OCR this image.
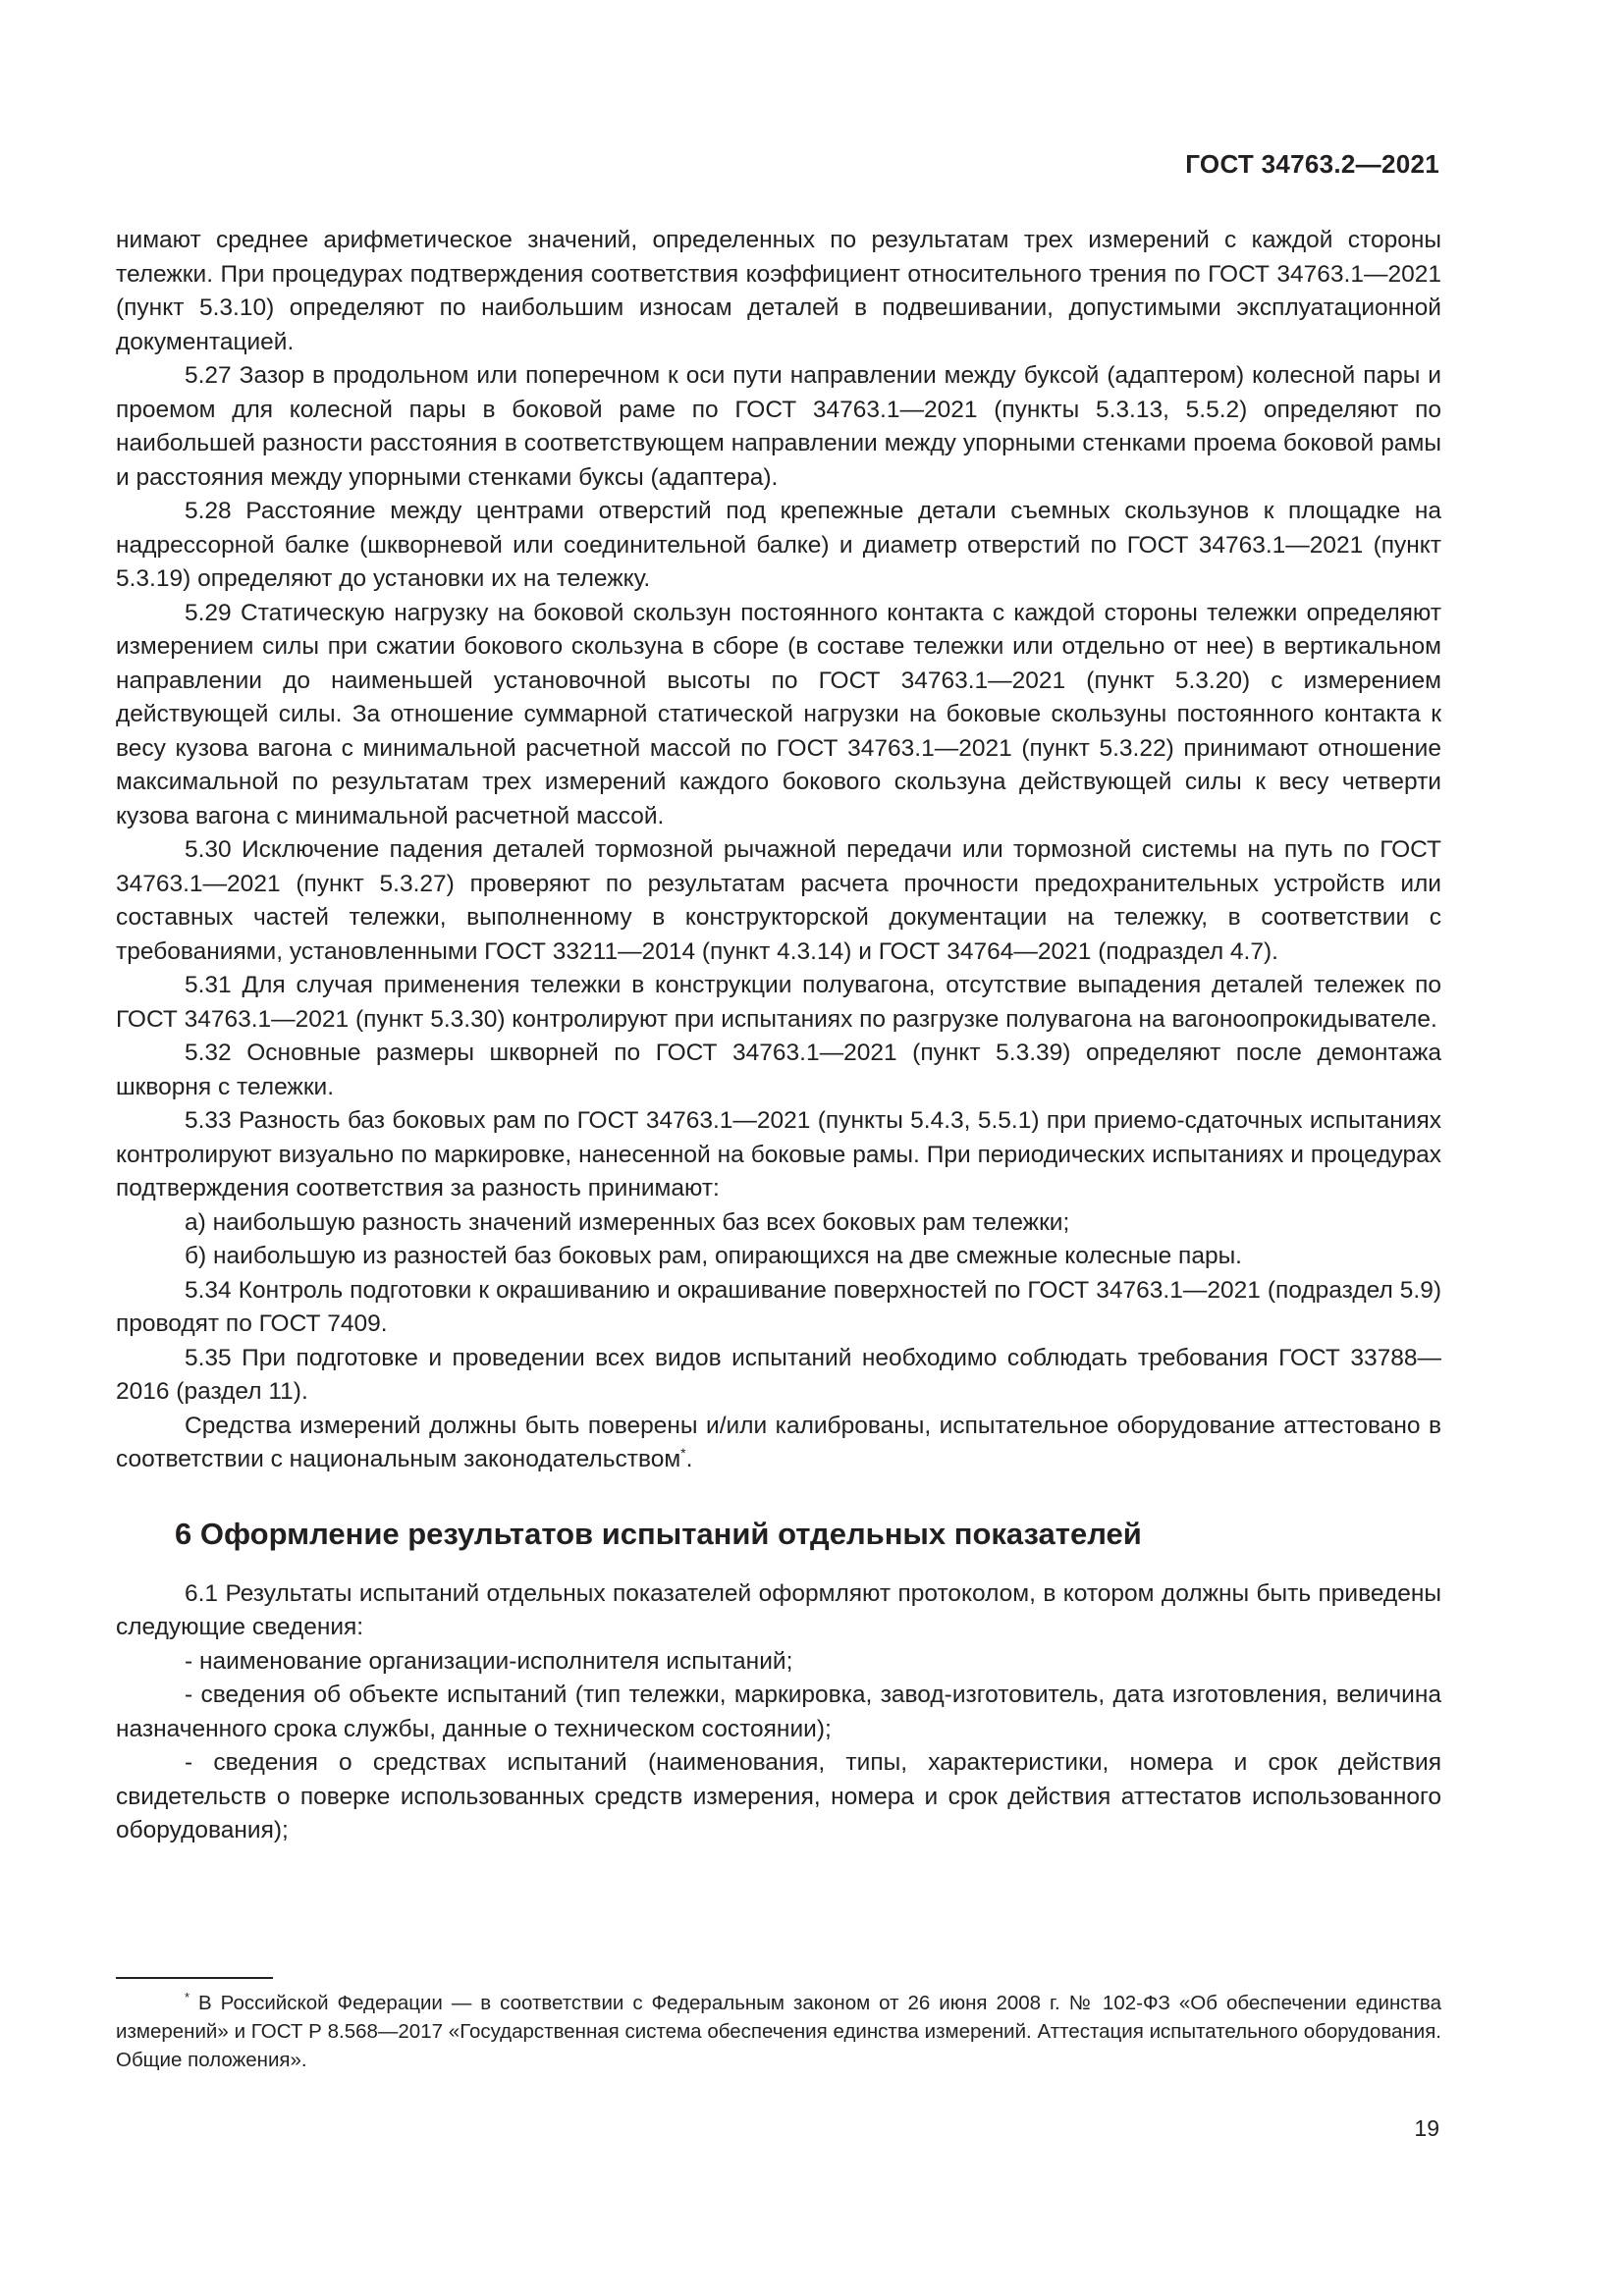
ГОСТ 34763.2—2021

нимают среднее арифметическое значений, определенных по результатам трех измерений с каждой стороны тележки. При процедурах подтверждения соответствия коэффициент относительного трения по ГОСТ 34763.1—2021 (пункт 5.3.10) определяют по наибольшим износам деталей в подвешивании, допустимыми эксплуатационной документацией.

5.27 Зазор в продольном или поперечном к оси пути направлении между буксой (адаптером) колесной пары и проемом для колесной пары в боковой раме по ГОСТ 34763.1—2021 (пункты 5.3.13, 5.5.2) определяют по наибольшей разности расстояния в соответствующем направлении между упорными стенками проема боковой рамы и расстояния между упорными стенками буксы (адаптера).

5.28 Расстояние между центрами отверстий под крепежные детали съемных скользунов к площадке на надрессорной балке (шкворневой или соединительной балке) и диаметр отверстий по ГОСТ 34763.1—2021 (пункт 5.3.19) определяют до установки их на тележку.

5.29 Статическую нагрузку на боковой скользун постоянного контакта с каждой стороны тележки определяют измерением силы при сжатии бокового скользуна в сборе (в составе тележки или отдельно от нее) в вертикальном направлении до наименьшей установочной высоты по ГОСТ 34763.1—2021 (пункт 5.3.20) с измерением действующей силы. За отношение суммарной статической нагрузки на боковые скользуны постоянного контакта к весу кузова вагона с минимальной расчетной массой по ГОСТ 34763.1—2021 (пункт 5.3.22) принимают отношение максимальной по результатам трех измерений каждого бокового скользуна действующей силы к весу четверти кузова вагона с минимальной расчетной массой.

5.30 Исключение падения деталей тормозной рычажной передачи или тормозной системы на путь по ГОСТ 34763.1—2021 (пункт 5.3.27) проверяют по результатам расчета прочности предохранительных устройств или составных частей тележки, выполненному в конструкторской документации на тележку, в соответствии с требованиями, установленными ГОСТ 33211—2014 (пункт 4.3.14) и ГОСТ 34764—2021 (подраздел 4.7).

5.31 Для случая применения тележки в конструкции полувагона, отсутствие выпадения деталей тележек по ГОСТ 34763.1—2021 (пункт 5.3.30) контролируют при испытаниях по разгрузке полувагона на вагоноопрокидывателе.

5.32 Основные размеры шкворней по ГОСТ 34763.1—2021 (пункт 5.3.39) определяют после демонтажа шкворня с тележки.

5.33 Разность баз боковых рам по ГОСТ 34763.1—2021 (пункты 5.4.3, 5.5.1) при приемо-сдаточных испытаниях контролируют визуально по маркировке, нанесенной на боковые рамы. При периодических испытаниях и процедурах подтверждения соответствия за разность принимают:

а) наибольшую разность значений измеренных баз всех боковых рам тележки;

б) наибольшую из разностей баз боковых рам, опирающихся на две смежные колесные пары.

5.34 Контроль подготовки к окрашиванию и окрашивание поверхностей по ГОСТ 34763.1—2021 (подраздел 5.9) проводят по ГОСТ 7409.

5.35 При подготовке и проведении всех видов испытаний необходимо соблюдать требования ГОСТ 33788—2016 (раздел 11).

Средства измерений должны быть поверены и/или калиброваны, испытательное оборудование аттестовано в соответствии с национальным законодательством*.

6 Оформление результатов испытаний отдельных показателей

6.1 Результаты испытаний отдельных показателей оформляют протоколом, в котором должны быть приведены следующие сведения:

- наименование организации-исполнителя испытаний;

- сведения об объекте испытаний (тип тележки, маркировка, завод-изготовитель, дата изготовления, величина назначенного срока службы, данные о техническом состоянии);

- сведения о средствах испытаний (наименования, типы, характеристики, номера и срок действия свидетельств о поверке использованных средств измерения, номера и срок действия аттестатов использованного оборудования);

* В Российской Федерации — в соответствии с Федеральным законом от 26 июня 2008 г. № 102-ФЗ «Об обеспечении единства измерений» и ГОСТ Р 8.568—2017 «Государственная система обеспечения единства измерений. Аттестация испытательного оборудования. Общие положения».

19
